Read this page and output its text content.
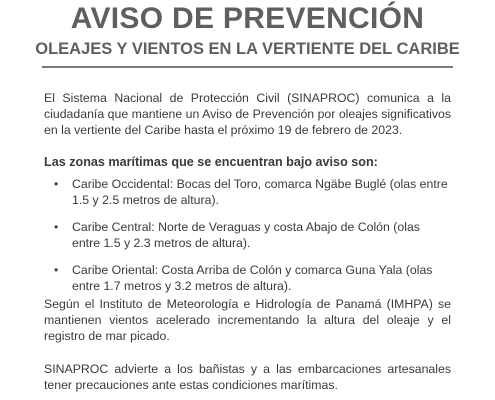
AVISO DE PREVENCIÓN
OLEAJES Y VIENTOS EN LA VERTIENTE DEL CARIBE
El Sistema Nacional de Protección Civil (SINAPROC) comunica a la ciudadanía que mantiene un Aviso de Prevención por oleajes significativos en la vertiente del Caribe hasta el próximo 19 de febrero de 2023.
Las zonas marítimas que se encuentran bajo aviso son:
• Caribe Occidental: Bocas del Toro, comarca Ngäbe Buglé (olas entre 1.5 y 2.5 metros de altura).
• Caribe Central: Norte de Veraguas y costa Abajo de Colón (olas entre 1.5 y 2.3 metros de altura).
• Caribe Oriental: Costa Arriba de Colón y comarca Guna Yala (olas entre 1.7 metros y 3.2 metros de altura).
Según el Instituto de Meteorología e Hidrología de Panamá (IMHPA) se mantienen vientos acelerado incrementando la altura del oleaje y el registro de mar picado.
SINAPROC advierte a los bañistas y a las embarcaciones artesanales tener precauciones ante estas condiciones marítimas.
